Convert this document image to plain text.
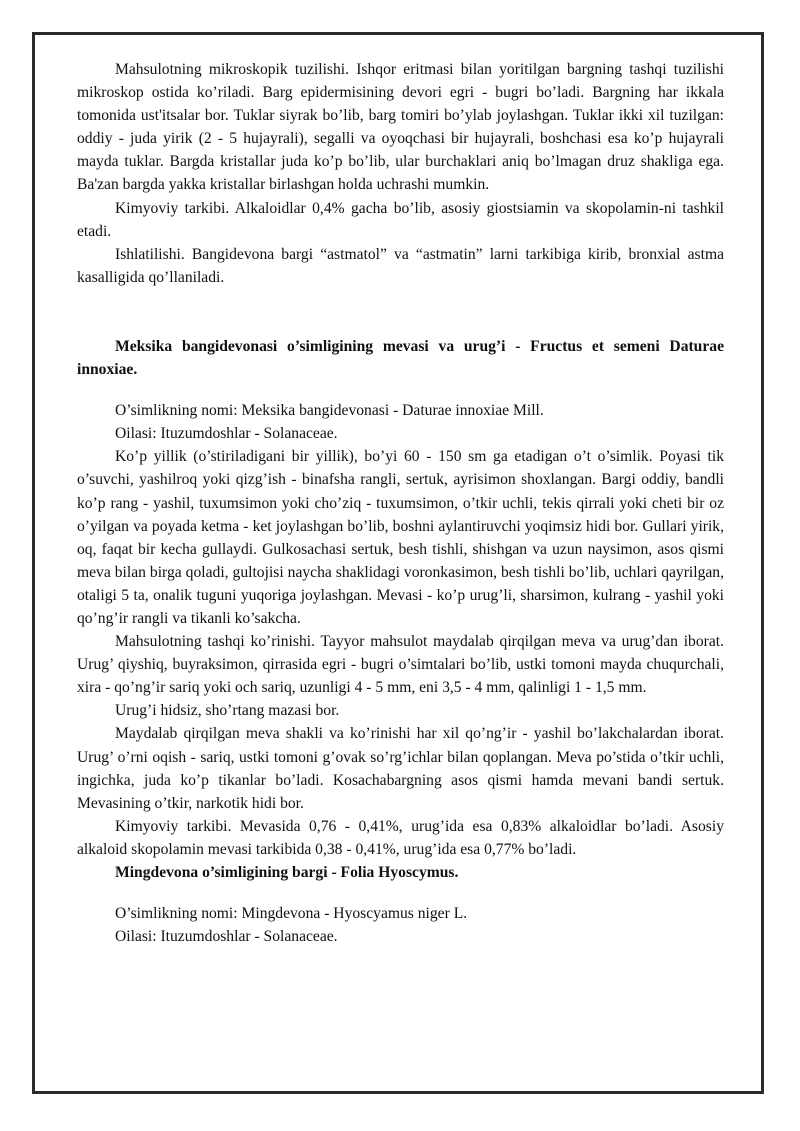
Mahsulotning mikroskopik tuzilishi. Ishqor eritmasi bilan yoritilgan bargning tashqi tuzilishi mikroskop ostida ko’riladi. Barg epidermisining devori egri - bugri bo’ladi. Bargning har ikkala tomonida ust'itsalar bor. Tuklar siyrak bo’lib, barg tomiri bo’ylab joylashgan. Tuklar ikki xil tuzilgan: oddiy - juda yirik (2 - 5 hujayrali), segalli va oyoqchasi bir hujayrali, boshchasi esa ko’p hujayrali mayda tuklar. Bargda kristallar juda ko’p bo’lib, ular burchaklari aniq bo’lmagan druz shakliga ega. Ba'zan bargda yakka kristallar birlashgan holda uchrashi mumkin.

Kimyoviy tarkibi. Alkaloidlar 0,4% gacha bo’lib, asosiy giostsiamin va skopolamin-ni tashkil etadi.

Ishlatilishi. Bangidevona bargi “astmatol” va “astmatin” larni tarkibiga kirib, bronxial astma kasalligida qo’llaniladi.

Meksika bangidevonasi o’simligining mevasi va urug’i - Fructus et semeni Daturae innoxiae.

O’simlikning nomi: Meksika bangidevonasi - Daturae innoxiae Mill.

Oilasi: Ituzumdoshlar - Solanaceae.

Ko’p yillik (o’stiriladigani bir yillik), bo’yi 60 - 150 sm ga etadigan o’t o’simlik. Poyasi tik o’suvchi, yashilroq yoki qizg’ish - binafsha rangli, sertuk, ayrisimon shoxlangan. Bargi oddiy, bandli ko’p rang - yashil, tuxumsimon yoki cho’ziq - tuxumsimon, o’tkir uchli, tekis qirrali yoki cheti bir oz o’yilgan va poyada ketma - ket joylashgan bo’lib, boshni aylantiruvchi yoqimsiz hidi bor. Gullari yirik, oq, faqat bir kecha gullaydi. Gulkosachasi sertuk, besh tishli, shishgan va uzun naysimon, asos qismi meva bilan birga qoladi, gultojisi naycha shaklidagi voronkasimon, besh tishli bo’lib, uchlari qayrilgan, otaligi 5 ta, onalik tuguni yuqoriga joylashgan. Mevasi - ko’p urug’li, sharsimon, kulrang - yashil yoki qo’ng’ir rangli va tikanli ko’sakcha.

Mahsulotning tashqi ko’rinishi. Tayyor mahsulot maydalab qirqilgan meva va urug’dan iborat. Urug’ qiyshiq, buyraksimon, qirrasida egri - bugri o’simtalari bo’lib, ustki tomoni mayda chuqurchali, xira - qo’ng’ir sariq yoki och sariq, uzunligi 4 - 5 mm, eni 3,5 - 4 mm, qalinligi 1 - 1,5 mm.

Urug’i hidsiz, sho’rtang mazasi bor.

Maydalab qirqilgan meva shakli va ko’rinishi har xil qo’ng’ir - yashil bo’lakchalardan iborat. Urug’ o’rni oqish - sariq, ustki tomoni g’ovak so’rg’ichlar bilan qoplangan. Meva po’stida o’tkir uchli, ingichka, juda ko’p tikanlar bo’ladi. Kosachabargning asos qismi hamda mevani bandi sertuk. Mevasining o’tkir, narkotik hidi bor.

Kimyoviy tarkibi. Mevasida 0,76 - 0,41%, urug’ida esa 0,83% alkaloidlar bo’ladi. Asosiy alkaloid skopolamin mevasi tarkibida 0,38 - 0,41%, urug’ida esa 0,77% bo’ladi.

Mingdevona o’simligining bargi - Folia Hyoscymus.

O’simlikning nomi: Mingdevona - Hyoscyamus niger L.

Oilasi: Ituzumdoshlar - Solanaceae.
